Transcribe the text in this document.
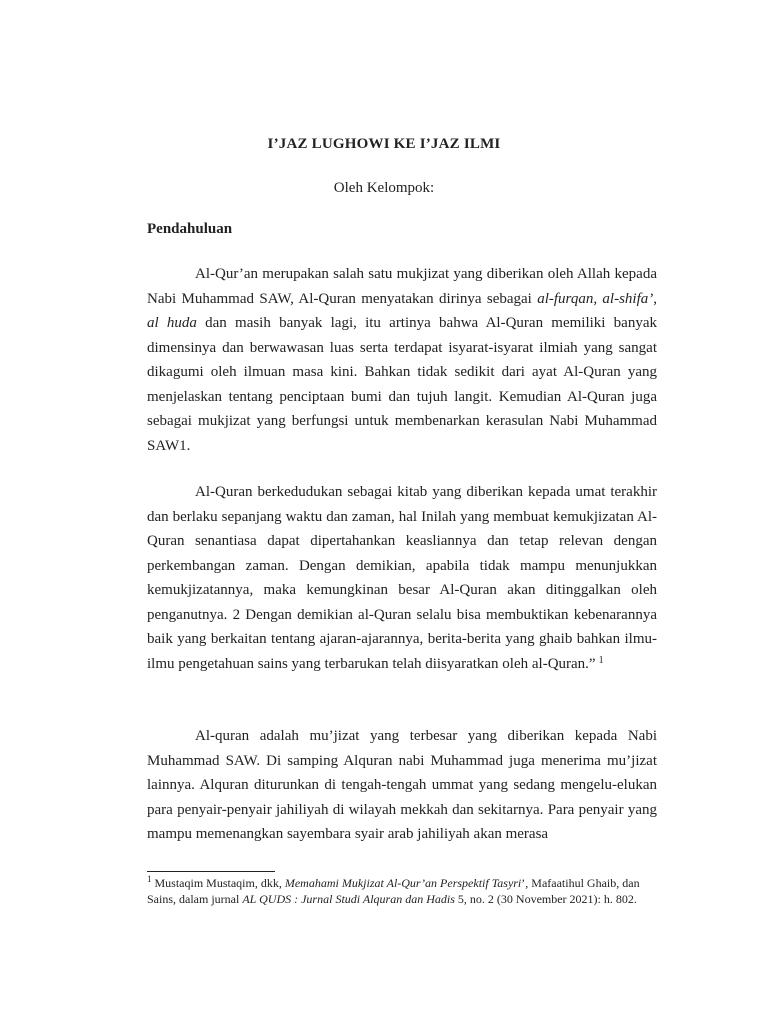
I’JAZ LUGHOWI KE I’JAZ ILMI
Oleh Kelompok:
Pendahuluan

Al-Qur’an merupakan salah satu mukjizat yang diberikan oleh Allah kepada Nabi Muhammad SAW, Al-Quran menyatakan dirinya sebagai al-furqan, al-shifa’, al huda dan masih banyak lagi, itu artinya bahwa Al-Quran memiliki banyak dimensinya dan berwawasan luas serta terdapat isyarat-isyarat ilmiah yang sangat dikagumi oleh ilmuan masa kini. Bahkan tidak sedikit dari ayat Al-Quran yang menjelaskan tentang penciptaan bumi dan tujuh langit. Kemudian Al-Quran juga sebagai mukjizat yang berfungsi untuk membenarkan kerasulan Nabi Muhammad SAW1.

Al-Quran berkedudukan sebagai kitab yang diberikan kepada umat terakhir dan berlaku sepanjang waktu dan zaman, hal Inilah yang membuat kemukjizatan Al-Quran senantiasa dapat dipertahankan keasliannya dan tetap relevan dengan perkembangan zaman. Dengan demikian, apabila tidak mampu menunjukkan kemukjizatannya, maka kemungkinan besar Al-Quran akan ditinggalkan oleh penganutnya. 2 Dengan demikian al-Quran selalu bisa membuktikan kebenarannya baik yang berkaitan tentang ajaran-ajarannya, berita-berita yang ghaib bahkan ilmu-ilmu pengetahuan sains yang terbarukan telah diisyaratkan oleh al-Quran.” $^1$

Al-quran adalah mu’jizat yang terbesar yang diberikan kepada Nabi Muhammad SAW. Di samping Alquran nabi Muhammad juga menerima mu’jizat lainnya. Alquran diturunkan di tengah-tengah ummat yang sedang mengelu-elukan para penyair-penyair jahiliyah di wilayah mekkah dan sekitarnya. Para penyair yang mampu memenangkan sayembara syair arab jahiliyah akan merasa

$^1$ Mustaqim Mustaqim, dkk, Memahami Mukjizat Al-Qur’an Perspektif Tasyri’, Mafaatihul Ghaib, dan Sains, dalam jurnal AL QUDS : Jurnal Studi Alquran dan Hadis 5, no. 2 (30 November 2021): h. 802.
